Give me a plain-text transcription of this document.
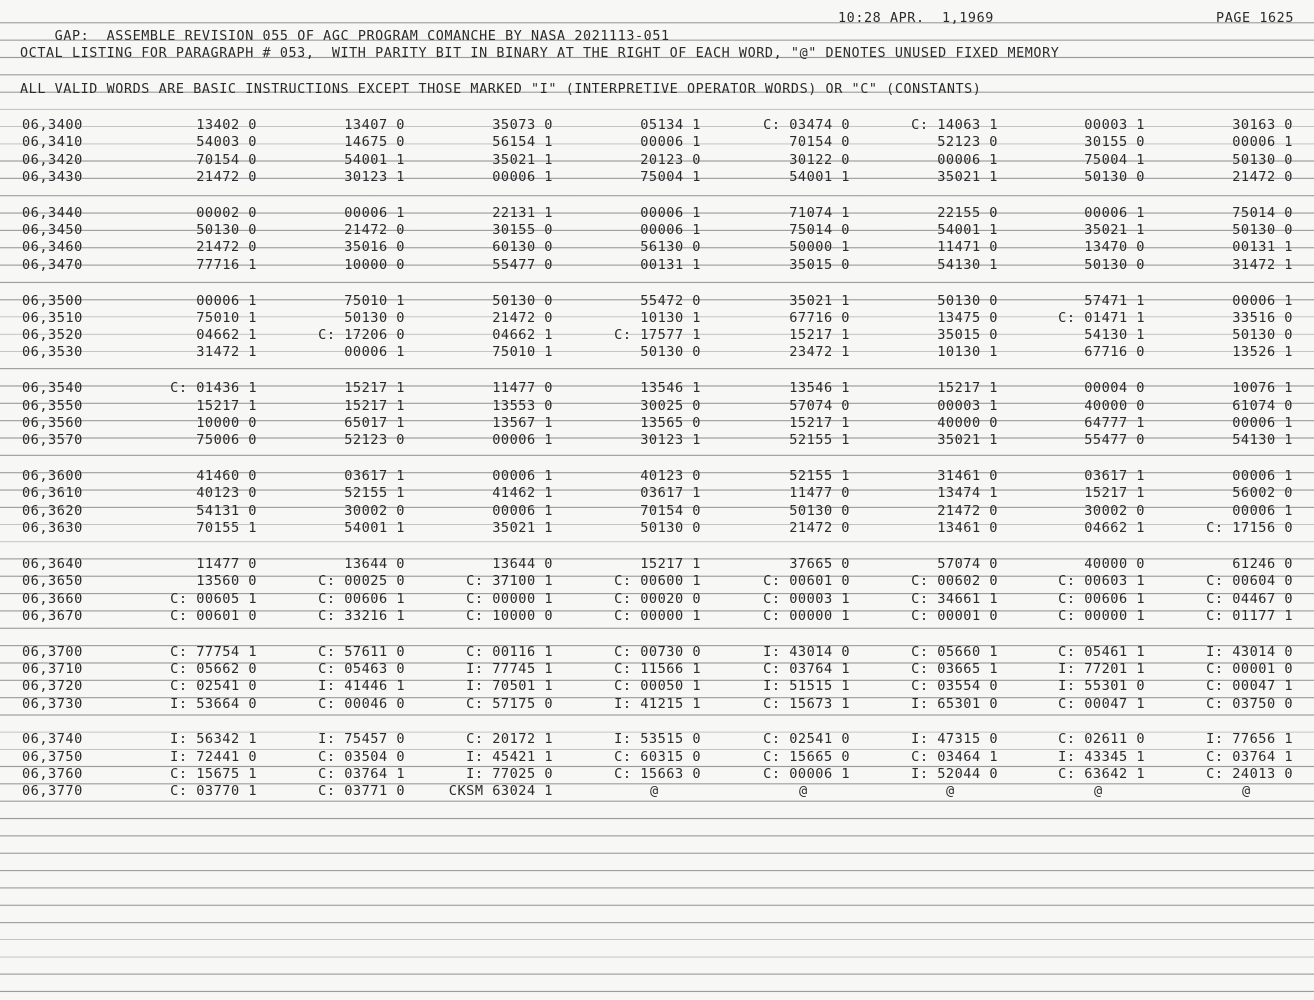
GAP:  ASSEMBLE REVISION 055 OF AGC PROGRAM COMANCHE BY NASA 2021113-051

10:28 APR.  1,1969

	PAGE 1625

OCTAL LISTING FOR PARAGRAPH # 053,  WITH PARITY BIT IN BINARY AT THE RIGHT OF EACH WORD, "@" DENOTES UNUSED FIXED MEMORY
ALL VALID WORDS ARE BASIC INSTRUCTIONS EXCEPT THOSE MARKED "I" (INTERPRETIVE OPERATOR WORDS) OR "C" (CONSTANTS)
06,3400	13402 0	13407 0	35073 0	05134 1	C: 03474 0	C: 14063 1	00003 1	30163 0
06,3410	54003 0	14675 0	56154 1	00006 1	70154 0	52123 0	30155 0	00006 1
06,3420	70154 0	54001 1	35021 1	20123 0	30122 0	00006 1	75004 1	50130 0
06,3430	21472 0	30123 1	00006 1	75004 1	54001 1	35021 1	50130 0	21472 0
06,3440	00002 0	00006 1	22131 1	00006 1	71074 1	22155 0	00006 1	75014 0
06,3450	50130 0	21472 0	30155 0	00006 1	75014 0	54001 1	35021 1	50130 0
06,3460	21472 0	35016 0	60130 0	56130 0	50000 1	11471 0	13470 0	00131 1
06,3470	77716 1	10000 0	55477 0	00131 1	35015 0	54130 1	50130 0	31472 1
06,3500	00006 1	75010 1	50130 0	55472 0	35021 1	50130 0	57471 1	00006 1
06,3510	75010 1	50130 0	21472 0	10130 1	67716 0	13475 0	C: 01471 1	33516 0
06,3520	04662 1	C: 17206 0	04662 1	C: 17577 1	15217 1	35015 0	54130 1	50130 0
06,3530	31472 1	00006 1	75010 1	50130 0	23472 1	10130 1	67716 0	13526 1
06,3540	C: 01436 1	15217 1	11477 0	13546 1	13546 1	15217 1	00004 0	10076 1
06,3550	15217 1	15217 1	13553 0	30025 0	57074 0	00003 1	40000 0	61074 0
06,3560	10000 0	65017 1	13567 1	13565 0	15217 1	40000 0	64777 1	00006 1
06,3570	75006 0	52123 0	00006 1	30123 1	52155 1	35021 1	55477 0	54130 1
06,3600	41460 0	03617 1	00006 1	40123 0	52155 1	31461 0	03617 1	00006 1
06,3610	40123 0	52155 1	41462 1	03617 1	11477 0	13474 1	15217 1	56002 0
06,3620	54131 0	30002 0	00006 1	70154 0	50130 0	21472 0	30002 0	00006 1
06,3630	70155 1	54001 1	35021 1	50130 0	21472 0	13461 0	04662 1	C: 17156 0
06,3640	11477 0	13644 0	13644 0	15217 1	37665 0	57074 0	40000 0	61246 0
06,3650	13560 0	C: 00025 0	C: 37100 1	C: 00600 1	C: 00601 0	C: 00602 0	C: 00603 1	C: 00604 0
06,3660	C: 00605 1	C: 00606 1	C: 00000 1	C: 00020 0	C: 00003 1	C: 34661 1	C: 00606 1	C: 04467 0
06,3670	C: 00601 0	C: 33216 1	C: 10000 0	C: 00000 1	C: 00000 1	C: 00001 0	C: 00000 1	C: 01177 1
06,3700	C: 77754 1	C: 57611 0	C: 00116 1	C: 00730 0	I: 43014 0	C: 05660 1	C: 05461 1	I: 43014 0
06,3710	C: 05662 0	C: 05463 0	I: 77745 1	C: 11566 1	C: 03764 1	C: 03665 1	I: 77201 1	C: 00001 0
06,3720	C: 02541 0	I: 41446 1	I: 70501 1	C: 00050 1	I: 51515 1	C: 03554 0	I: 55301 0	C: 00047 1
06,3730	I: 53664 0	C: 00046 0	C: 57175 0	I: 41215 1	C: 15673 1	I: 65301 0	C: 00047 1	C: 03750 0
06,3740	I: 56342 1	I: 75457 0	C: 20172 1	I: 53515 0	C: 02541 0	I: 47315 0	C: 02611 0	I: 77656 1
06,3750	I: 72441 0	C: 03504 0	I: 45421 1	C: 60315 0	C: 15665 0	C: 03464 1	I: 43345 1	C: 03764 1
06,3760	C: 15675 1	C: 03764 1	I: 77025 0	C: 15663 0	C: 00006 1	I: 52044 0	C: 63642 1	C: 24013 0
06,3770	C: 03770 1	C: 03771 0	CKSM 63024 1	@	@	@	@	@
